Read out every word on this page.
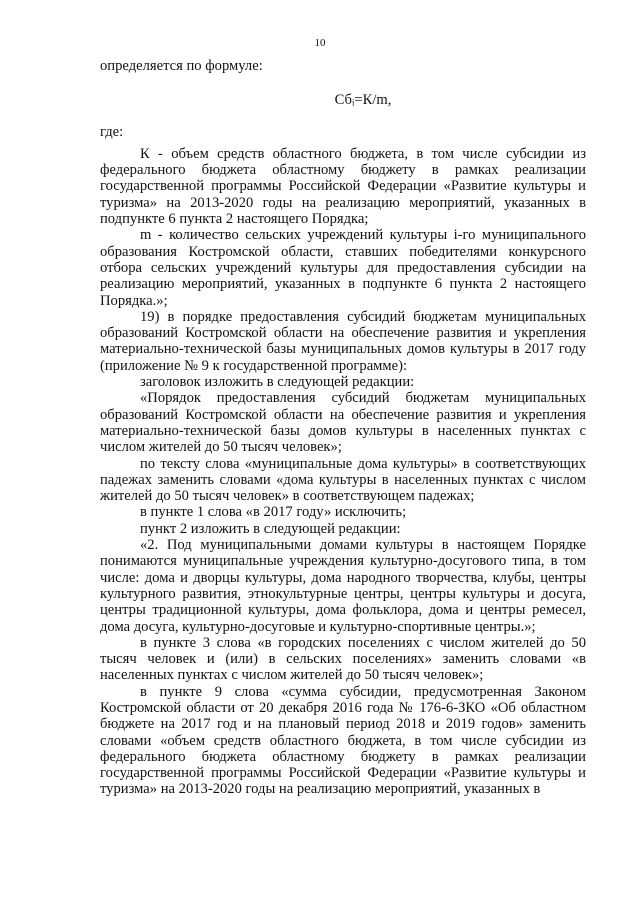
10

определяется по формуле:

Сбᵢ=К/m,

где:

К - объем средств областного бюджета, в том числе субсидии из федерального бюджета областному бюджету в рамках реализации государственной программы Российской Федерации «Развитие культуры и туризма» на 2013-2020 годы на реализацию мероприятий, указанных в подпункте 6 пункта 2 настоящего Порядка;

m - количество сельских учреждений культуры i-го муниципального образования Костромской области, ставших победителями конкурсного отбора сельских учреждений культуры для предоставления субсидии на реализацию мероприятий, указанных в подпункте 6 пункта 2 настоящего Порядка.»;

19) в порядке предоставления субсидий бюджетам муниципальных образований Костромской области на обеспечение развития и укрепления материально-технической базы муниципальных домов культуры в 2017 году (приложение № 9 к государственной программе):

заголовок изложить в следующей редакции:

«Порядок предоставления субсидий бюджетам муниципальных образований Костромской области на обеспечение развития и укрепления материально-технической базы домов культуры в населенных пунктах с числом жителей до 50 тысяч человек»;

по тексту слова «муниципальные дома культуры» в соответствующих падежах заменить словами «дома культуры в населенных пунктах с числом жителей до 50 тысяч человек» в соответствующем падежах;

в пункте 1 слова «в 2017 году» исключить;

пункт 2 изложить в следующей редакции:

«2. Под муниципальными домами культуры в настоящем Порядке понимаются муниципальные учреждения культурно-досугового типа, в том числе: дома и дворцы культуры, дома народного творчества, клубы, центры культурного развития, этнокультурные центры, центры культуры и досуга, центры традиционной культуры, дома фольклора, дома и центры ремесел, дома досуга, культурно-досуговые и культурно-спортивные центры.»;

в пункте 3 слова «в городских поселениях с числом жителей до 50 тысяч человек и (или) в сельских поселениях» заменить словами «в населенных пунктах с числом жителей до 50 тысяч человек»;

в пункте 9 слова «сумма субсидии, предусмотренная Законом Костромской области от 20 декабря 2016 года № 176-6-ЗКО «Об областном бюджете на 2017 год и на плановый период 2018 и 2019 годов» заменить словами «объем средств областного бюджета, в том числе субсидии из федерального бюджета областному бюджету в рамках реализации государственной программы Российской Федерации «Развитие культуры и туризма» на 2013-2020 годы на реализацию мероприятий, указанных в
